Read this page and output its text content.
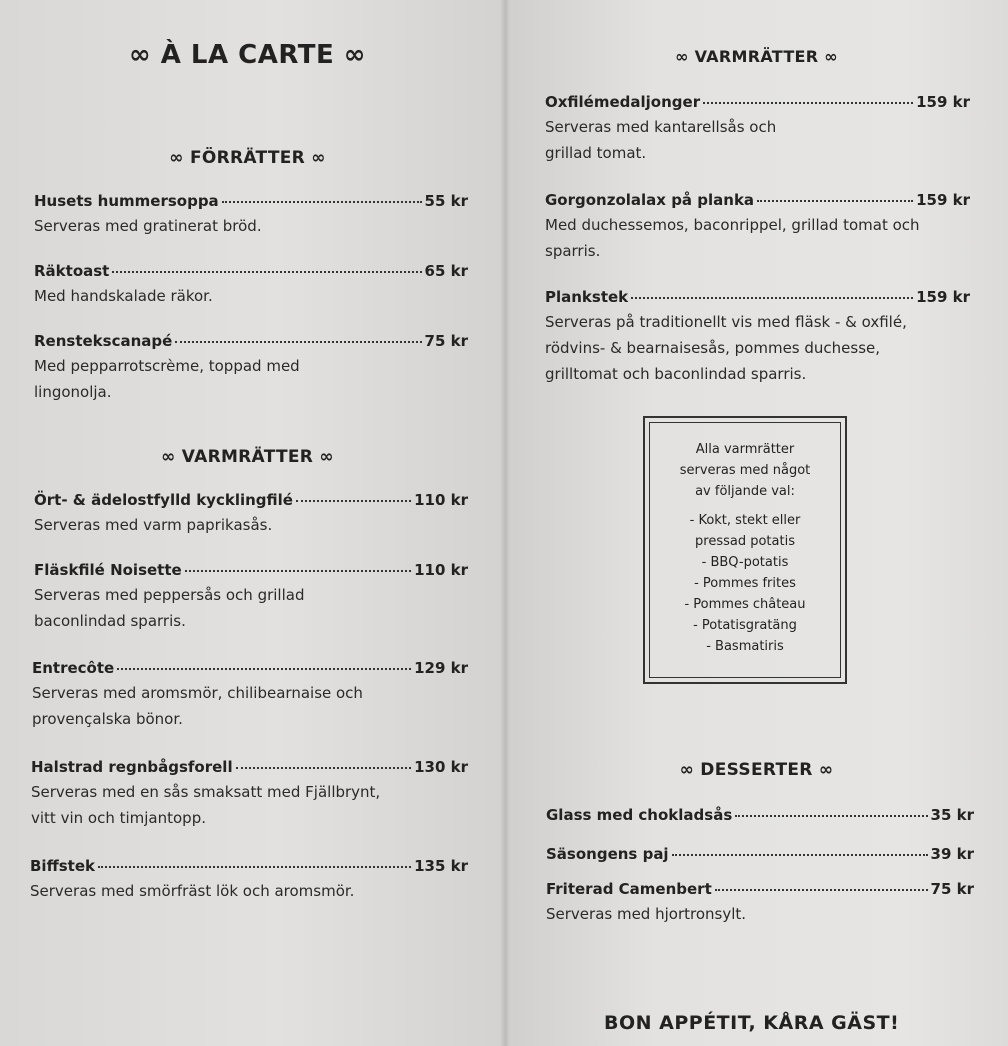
∞ À LA CARTE ∞
∞ FÖRRÄTTER ∞
Husets hummersoppa	55 kr
Serveras med gratinerat bröd.
Räktoast	65 kr
Med handskalade räkor.
Renstekscanapé	75 kr
Med pepparrotscrème, toppad med lingonolja.
∞ VARMRÄTTER ∞
Ört- & ädelostfylld kycklingfilé	110 kr
Serveras med varm paprikasås.
Fläskfilé Noisette	110 kr
Serveras med peppersås och grillad baconlindad sparris.
Entrecôte	129 kr
Serveras med aromsmör, chilibearnaise och provençalska bönor.
Halstrad regnbågsforell	130 kr
Serveras med en sås smaksatt med Fjällbrynt, vitt vin och timjantopp.
Biffstek	135 kr
Serveras med smörfräst lök och aromsmör.
∞ VARMRÄTTER ∞
Oxfilémedaljonger	159 kr
Serveras med kantarellsås och grillad tomat.
Gorgonzolalax på planka	159 kr
Med duchessemos, baconrippel, grillad tomat och sparris.
Plankstek	159 kr
Serveras på traditionellt vis med fläsk - & oxfilé, rödvins- & bearnaisesås, pommes duchesse, grilltomat och baconlindad sparris.
Alla varmrätter
serveras med något
av följande val:
- Kokt, stekt eller
pressad potatis
- BBQ-potatis
- Pommes frites
- Pommes château
- Potatisgratäng
- Basmatiris
∞ DESSERTER ∞
Glass med chokladsås	35 kr
Säsongens paj	39 kr
Friterad Camenbert	75 kr
Serveras med hjortronsylt.
BON APPÉTIT, KÅRA GÄST!
